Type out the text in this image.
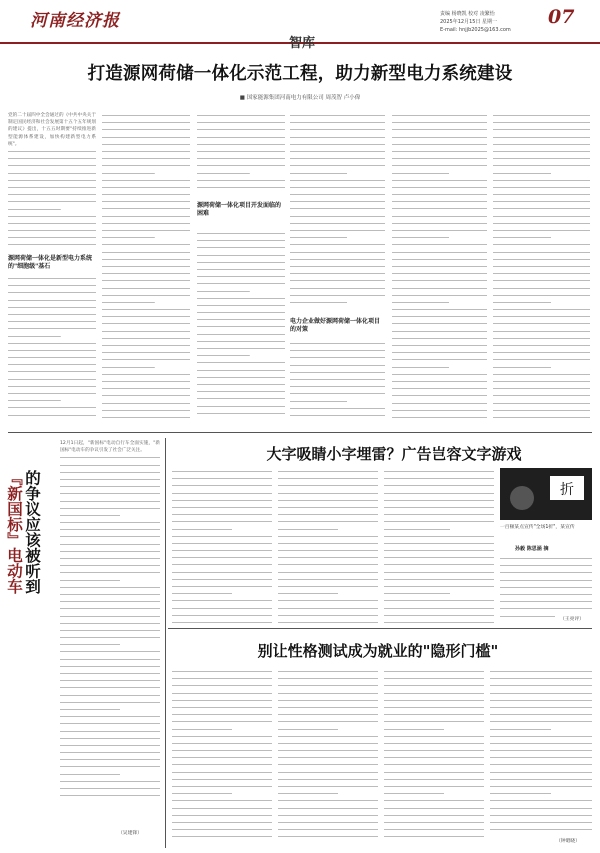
河南经济报
智库
责编 杨晓凯 校对 凌繁怡
2025年12月15日 星期一
E-mail: hnjjb2025@163.com
07
打造源网荷储一体化示范工程，助力新型电力系统建设
■ 国家能源集团河南电力有限公司 周茂智 卢小偉
党的二十届四中全会通过的《中共中央关于制定国民经济和社会发展第十五个五年规划的建议》提出，十五五时期要"持续推进新型能源体系建设，加快构建新型电力系统"。
源网荷储一体化是新型电力系统的"细胞级"基石
源网荷储一体化项目开发面临的困难
电力企业做好源网荷储一体化项目的对策
『新国标』电动车 的争议应该被听到
12月1日起，"新国标"电动自行车全面实施，"新国标"电动车的争议引发了社会广泛关注。
（吴建锋）
大字吸睛小字埋雷？广告岂容文字游戏
折
一百顿某点宣传"全场1折"，某宣传
孙毅 陈思涵 摘
（王亮评）
别让性格测试成为就业的"隐形门槛"
（钟昭晓）
